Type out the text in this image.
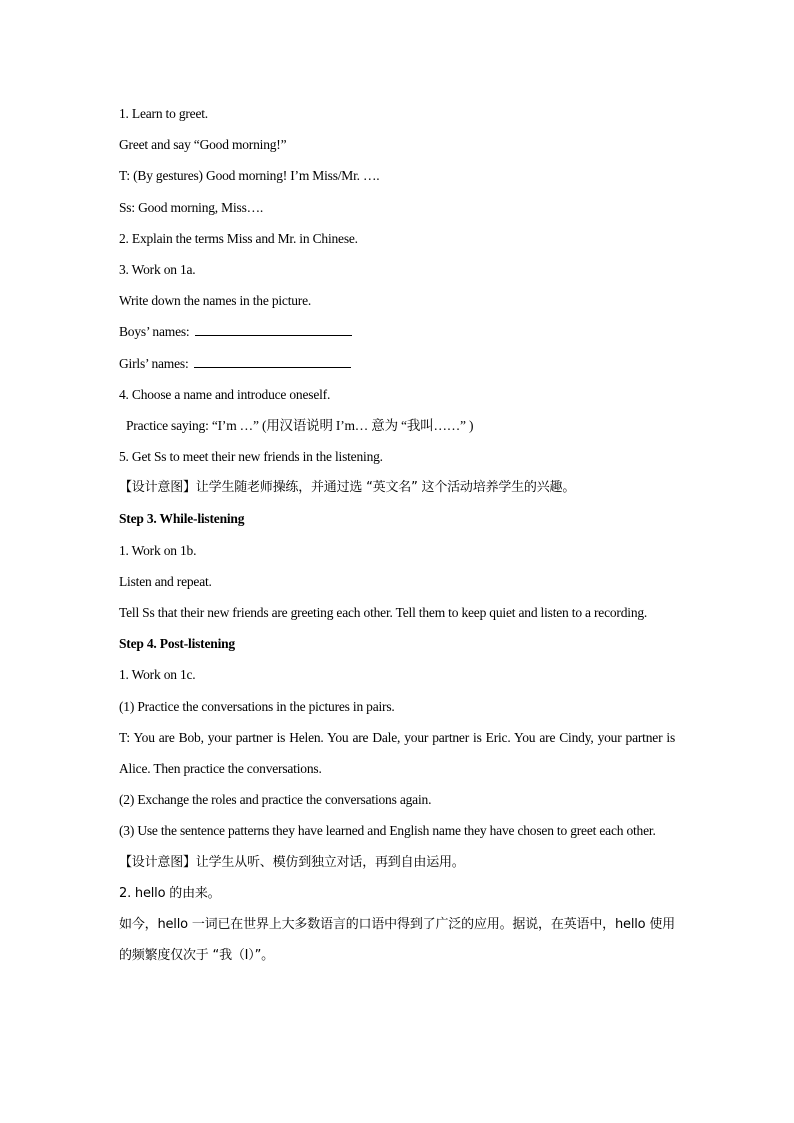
1. Learn to greet.
Greet and say “Good morning!”
T: (By gestures) Good morning! I’m Miss/Mr. ….
Ss: Good morning, Miss….
2. Explain the terms Miss and Mr. in Chinese.
3. Work on 1a.
Write down the names in the picture.
Boys’ names:
Girls’ names:
4. Choose a name and introduce oneself.
Practice saying: “I’m …” (用汉语说明 I’m… 意为 “我叫……” )
5. Get Ss to meet their new friends in the listening.
【设计意图】让学生随老师操练，并通过选 “英文名” 这个活动培养学生的兴趣。
Step 3. While-listening
1. Work on 1b.
Listen and repeat.
Tell Ss that their new friends are greeting each other. Tell them to keep quiet and listen to a recording.
Step 4. Post-listening
1. Work on 1c.
(1) Practice the conversations in the pictures in pairs.
T: You are Bob, your partner is Helen. You are Dale, your partner is Eric. You are Cindy, your partner is Alice. Then practice the conversations.
(2) Exchange the roles and practice the conversations again.
(3) Use the sentence patterns they have learned and English name they have chosen to greet each other.
【设计意图】让学生从听、模仿到独立对话，再到自由运用。
2. hello 的由来。
如今，hello 一词已在世界上大多数语言的口语中得到了广泛的应用。据说，在英语中，hello 使用的频繁度仅次于 “我（I）”。
